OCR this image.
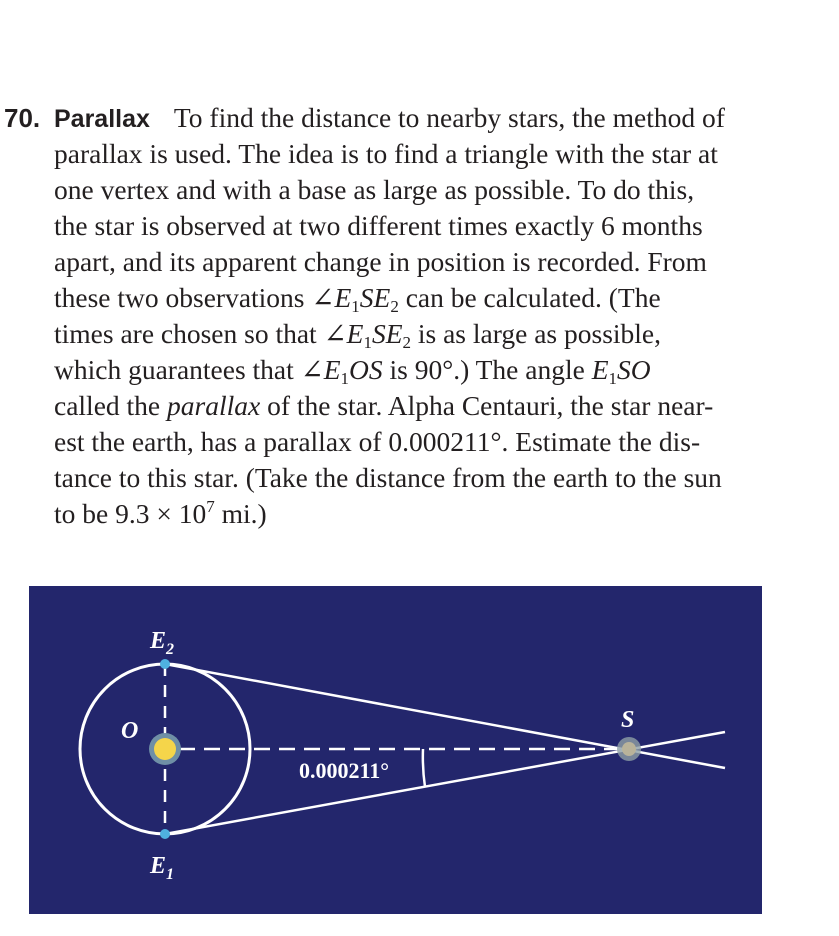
70. Parallax To find the distance to nearby stars, the method of
parallax is used. The idea is to find a triangle with the star at
one vertex and with a base as large as possible. To do this,
the star is observed at two different times exactly 6 months
apart, and its apparent change in position is recorded. From
these two observations $\angle E_1SE_2$ can be calculated. (The
times are chosen so that $\angle E_1SE_2$ is as large as possible,
which guarantees that $\angle E_1OS$ is 90°.) The angle $E_1SO$
called the parallax of the star. Alpha Centauri, the star near-
est the earth, has a parallax of 0.000211°. Estimate the dis-
tance to this star. (Take the distance from the earth to the sun
to be $9.3 \times 10^7$ mi.)
$E_2$
$E_1$
O	S
0.000211°
